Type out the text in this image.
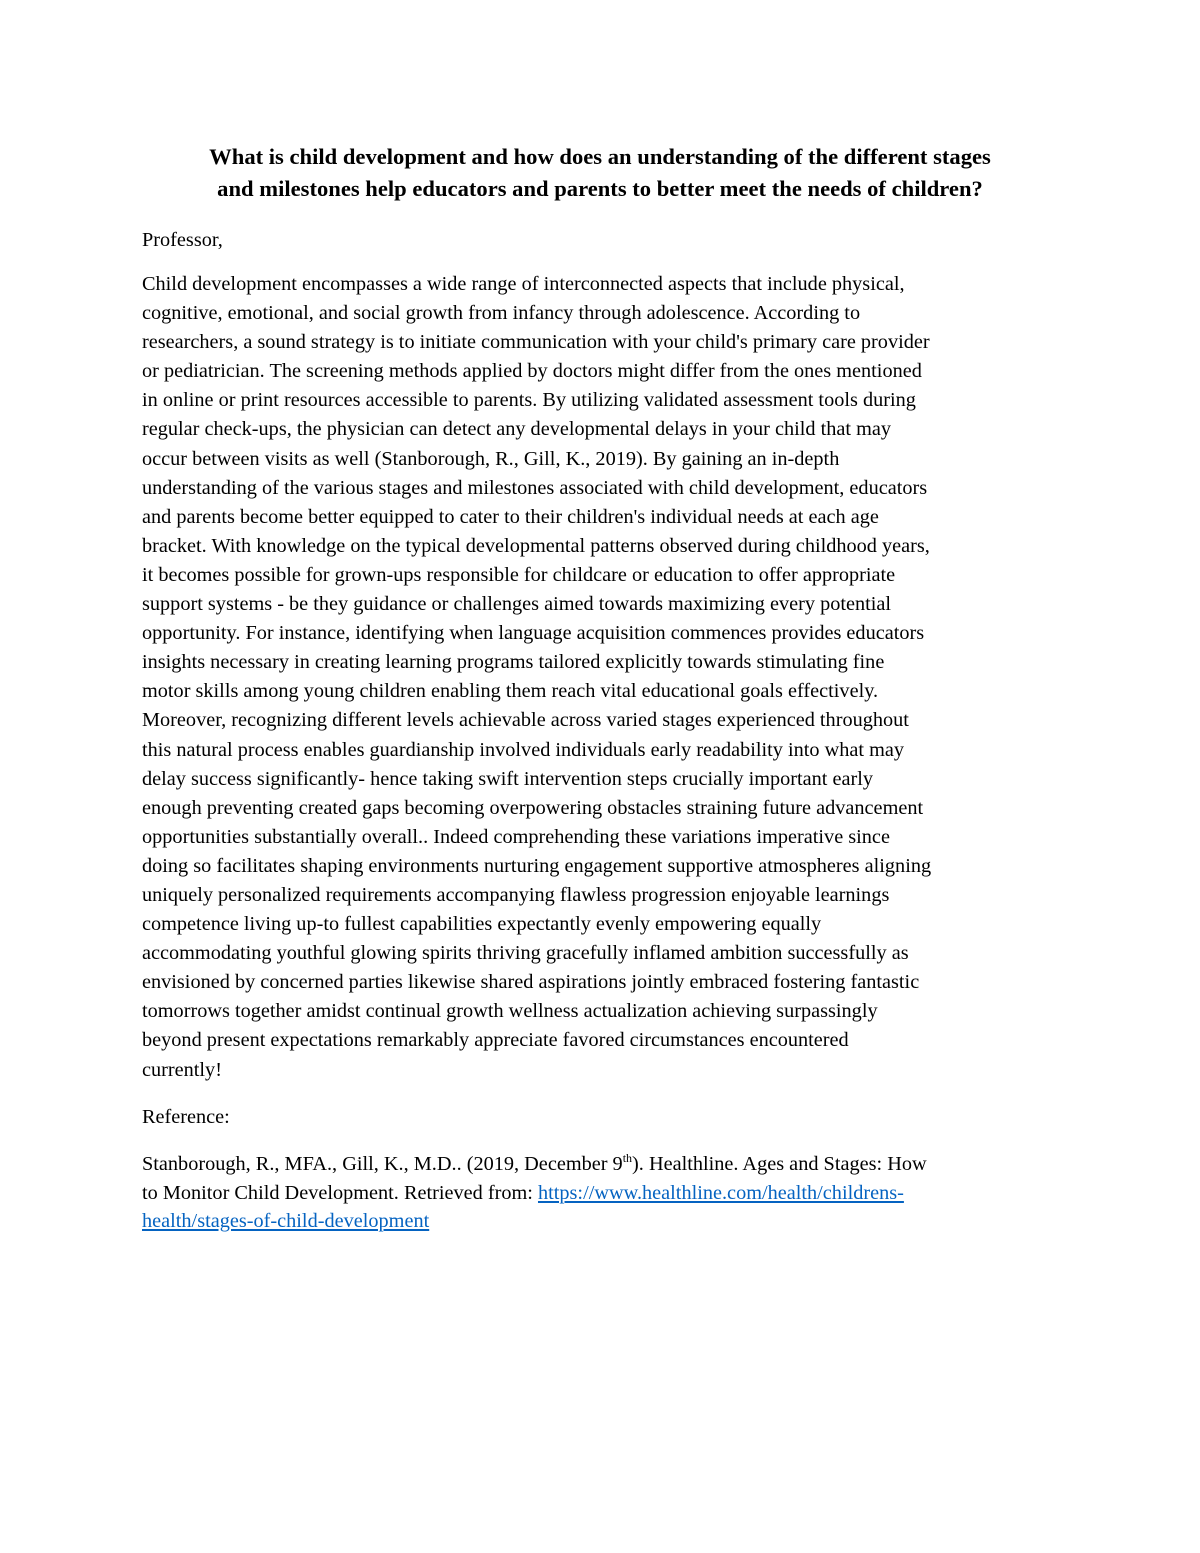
What is child development and how does an understanding of the different stages
and milestones help educators and parents to better meet the needs of children?

Professor,

Child development encompasses a wide range of interconnected aspects that include physical,
cognitive, emotional, and social growth from infancy through adolescence. According to
researchers, a sound strategy is to initiate communication with your child's primary care provider
or pediatrician. The screening methods applied by doctors might differ from the ones mentioned
in online or print resources accessible to parents. By utilizing validated assessment tools during
regular check-ups, the physician can detect any developmental delays in your child that may
occur between visits as well (Stanborough, R., Gill, K., 2019). By gaining an in-depth
understanding of the various stages and milestones associated with child development, educators
and parents become better equipped to cater to their children's individual needs at each age
bracket. With knowledge on the typical developmental patterns observed during childhood years,
it becomes possible for grown-ups responsible for childcare or education to offer appropriate
support systems - be they guidance or challenges aimed towards maximizing every potential
opportunity. For instance, identifying when language acquisition commences provides educators
insights necessary in creating learning programs tailored explicitly towards stimulating fine
motor skills among young children enabling them reach vital educational goals effectively.
Moreover, recognizing different levels achievable across varied stages experienced throughout
this natural process enables guardianship involved individuals early readability into what may
delay success significantly- hence taking swift intervention steps crucially important early
enough preventing created gaps becoming overpowering obstacles straining future advancement
opportunities substantially overall.. Indeed comprehending these variations imperative since
doing so facilitates shaping environments nurturing engagement supportive atmospheres aligning
uniquely personalized requirements accompanying flawless progression enjoyable learnings
competence living up-to fullest capabilities expectantly evenly empowering equally
accommodating youthful glowing spirits thriving gracefully inflamed ambition successfully as
envisioned by concerned parties likewise shared aspirations jointly embraced fostering fantastic
tomorrows together amidst continual growth wellness actualization achieving surpassingly
beyond present expectations remarkably appreciate favored circumstances encountered
currently!

Reference:

Stanborough, R., MFA., Gill, K., M.D.. (2019, December 9th). Healthline. Ages and Stages: How
to Monitor Child Development. Retrieved from: https://www.healthline.com/health/childrens-
health/stages-of-child-development
